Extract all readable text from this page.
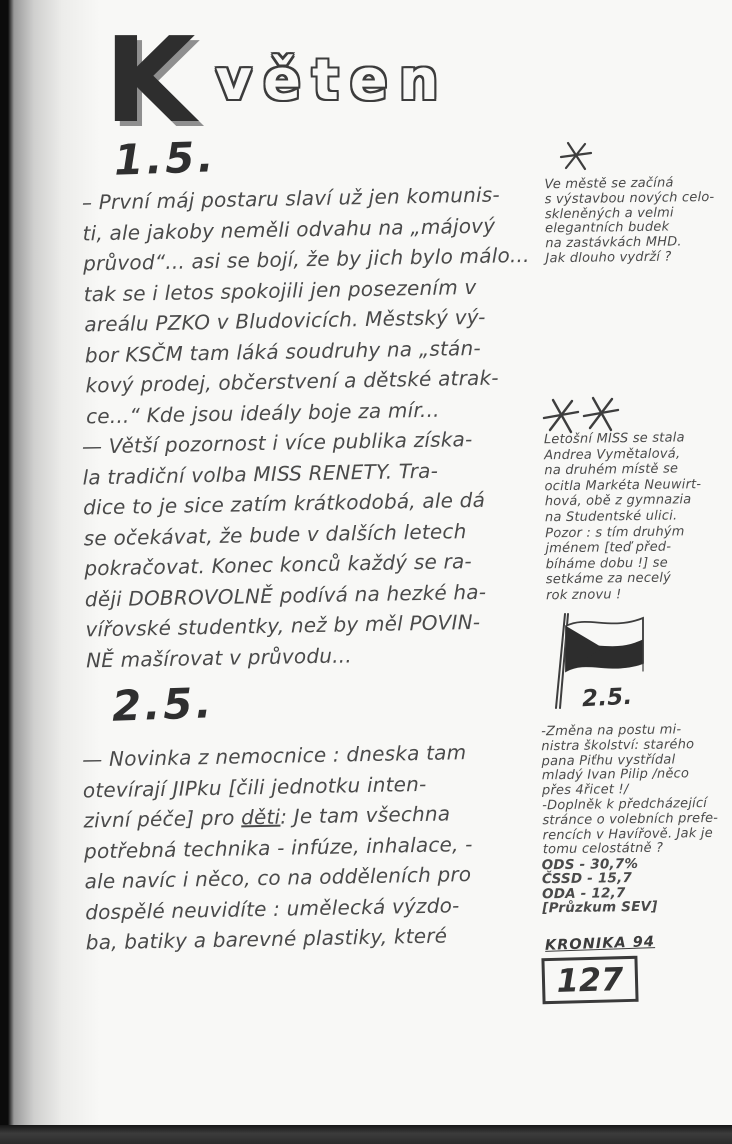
K věten
1.5.
– První máj postaru slaví už jen komunis-
ti, ale jakoby neměli odvahu na „májový
průvod“... asi se bojí, že by jich bylo málo...
tak se i letos spokojili jen posezením v
areálu PZKO v Bludovicích. Městský vý-
bor KSČM tam láká soudruhy na „stán-
kový prodej, občerstvení a dětské atrak-
ce...“ Kde jsou ideály boje za mír...
— Větší pozornost i více publika získa-
la tradiční volba MISS RENETY. Tra-
dice to je sice zatím krátkodobá, ale dá
se očekávat, že bude v dalších letech
pokračovat. Konec konců každý se ra-
ději DOBROVOLNĚ podívá na hezké ha-
vířovské studentky, než by měl POVIN-
NĚ mašírovat v průvodu...
2.5.
— Novinka z nemocnice : dneska tam
otevírají JIPku [čili jednotku inten-
zivní péče] pro děti: Je tam všechna
potřebná technika - infúze, inhalace, -
ale navíc i něco, co na odděleních pro
dospělé neuvidíte : umělecká výzdo-
ba, batiky a barevné plastiky, které
Ve městě se začíná
s výstavbou nových celo-
skleněných a velmi
elegantních budek
na zastávkách MHD.
Jak dlouho vydrží ?
Letošní MISS se stala
Andrea Vymětalová,
na druhém místě se
ocitla Markéta Neuwirt-
hová, obě z gymnazia
na Studentské ulici.
Pozor : s tím druhým
jménem [teď před-
bíháme dobu !] se
setkáme za necelý
rok znovu !
2.5.
-Změna na postu mi-
nistra školství: starého
pana Piťhu vystřídal
mladý Ivan Pilip /něco
přes 4řicet !/
-Doplněk k předcházející
stránce o volebních prefe-
rencích v Havířově. Jak je
tomu celostátně ?
ODS - 30,7%
ČSSD - 15,7
ODA - 12,7
[Průzkum SEV]
KRONIKA 94
127
